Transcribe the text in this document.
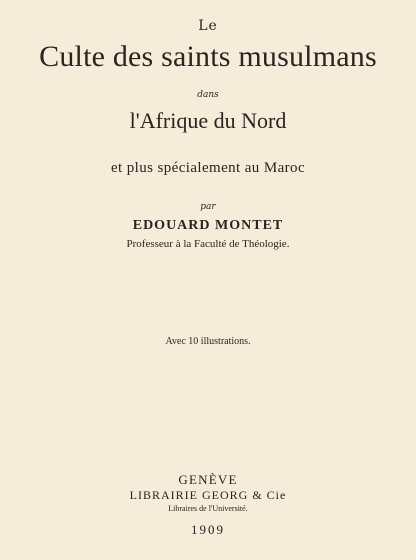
Le
Culte des saints musulmans
dans
l'Afrique du Nord
et plus spécialement au Maroc
par
EDOUARD MONTET
Professeur à la Faculté de Théologie.
Avec 10 illustrations.
GENÈVE
LIBRAIRIE GEORG & Cie
Libraires de l'Université.
1909
